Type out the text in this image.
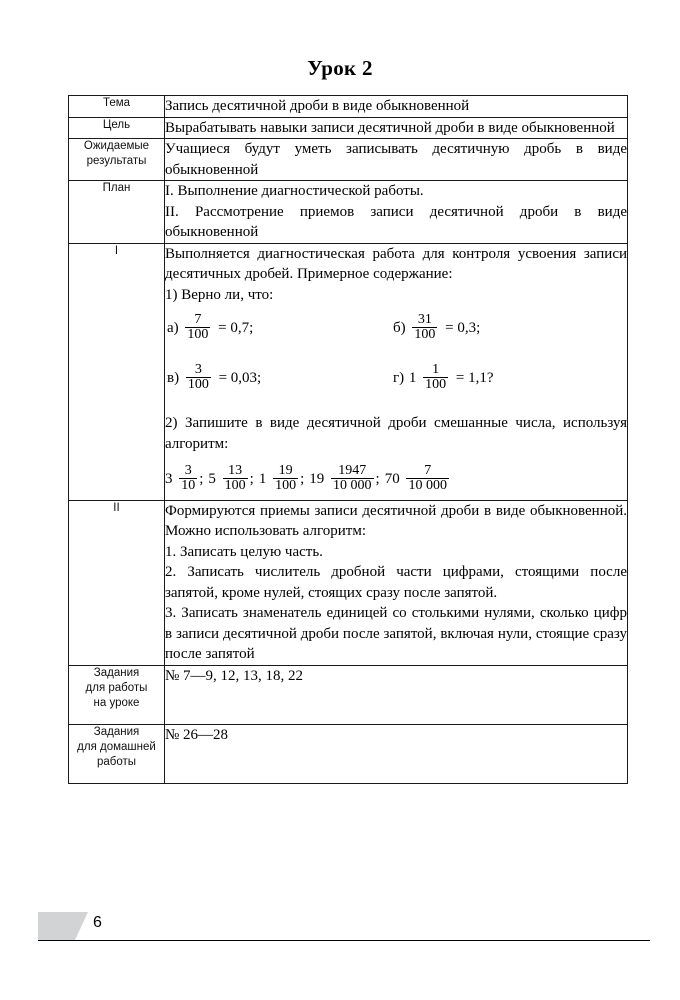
Урок 2
Тема	Запись десятичной дроби в виде обыкновенной

Цель	Вырабатывать навыки записи десятичной дроби в виде обыкновенной

Ожидаемые
результаты	Учащиеся будут уметь записывать десятичную дробь в виде обыкновенной

План	I. Выполнение диагностической работы.

II. Рассмотрение приемов записи десятичной дроби в виде обыкновенной

I	Выполняется диагностическая работа для контроля усвоения записи десятичных дробей. Примерное содержание:

1) Верно ли, что:

$а) \frac{7}{100} = 0,7$;	$б) \frac{31}{100} = 0,3$;
$в) \frac{3}{100} = 0,03$;	г) $1 \frac{1}{100} = 1,1$?

2) Запишите в виде десятичной дроби смешанные числа, используя алгоритм:

$3 \frac{3}{10}$ ; $5 \frac{13}{100}$ ; $1 \frac{19}{100}$ ; $19 \frac{1947}{10 000}$ ; $70 \frac{7}{10 000}$

II	Формируются приемы записи десятичной дроби в виде обыкновенной. Можно использовать алгоритм:

1. Записать целую часть.

2. Записать числитель дробной части цифрами, стоящими после запятой, кроме нулей, стоящих сразу после запятой.

3. Записать знаменатель единицей со столькими нулями, сколько цифр в записи десятичной дроби после запятой, включая нули, стоящие сразу после запятой

Задания
для работы
на уроке	№ 7—9, 12, 13, 18, 22

Задания
для домашней
работы	№ 26—28

6
